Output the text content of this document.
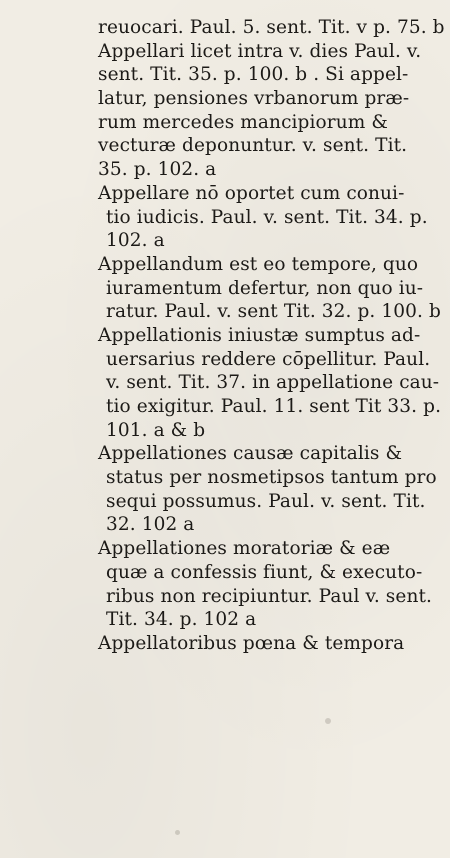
reuocari. Paul. 5. sent. Tit. v p. 75. b
Appellari licet intra v. dies Paul. v.
sent. Tit. 35. p. 100. b . Si appel-
latur, pensiones vrbanorum præ-
rum mercedes mancipiorum &
vecturæ deponuntur. v. sent. Tit.
35. p. 102. a
Appellare nō oportet cum conui-
tio iudicis. Paul. v. sent. Tit. 34. p.
102. a
Appellandum est eo tempore, quo
iuramentum defertur, non quo iu-
ratur. Paul. v. sent Tit. 32. p. 100. b
Appellationis iniustæ sumptus ad-
uersarius reddere cōpellitur. Paul.
v. sent. Tit. 37. in appellatione cau-
tio exigitur. Paul. 11. sent Tit 33. p.
101. a & b
Appellationes causæ capitalis &
status per nosmetipsos tantum pro
sequi possumus. Paul. v. sent. Tit.
32. 102 a
Appellationes moratoriæ & eæ
quæ a confessis fiunt, & executo-
ribus non recipiuntur. Paul v. sent.
Tit. 34. p. 102 a
Appellatoribus pœna & tempora
